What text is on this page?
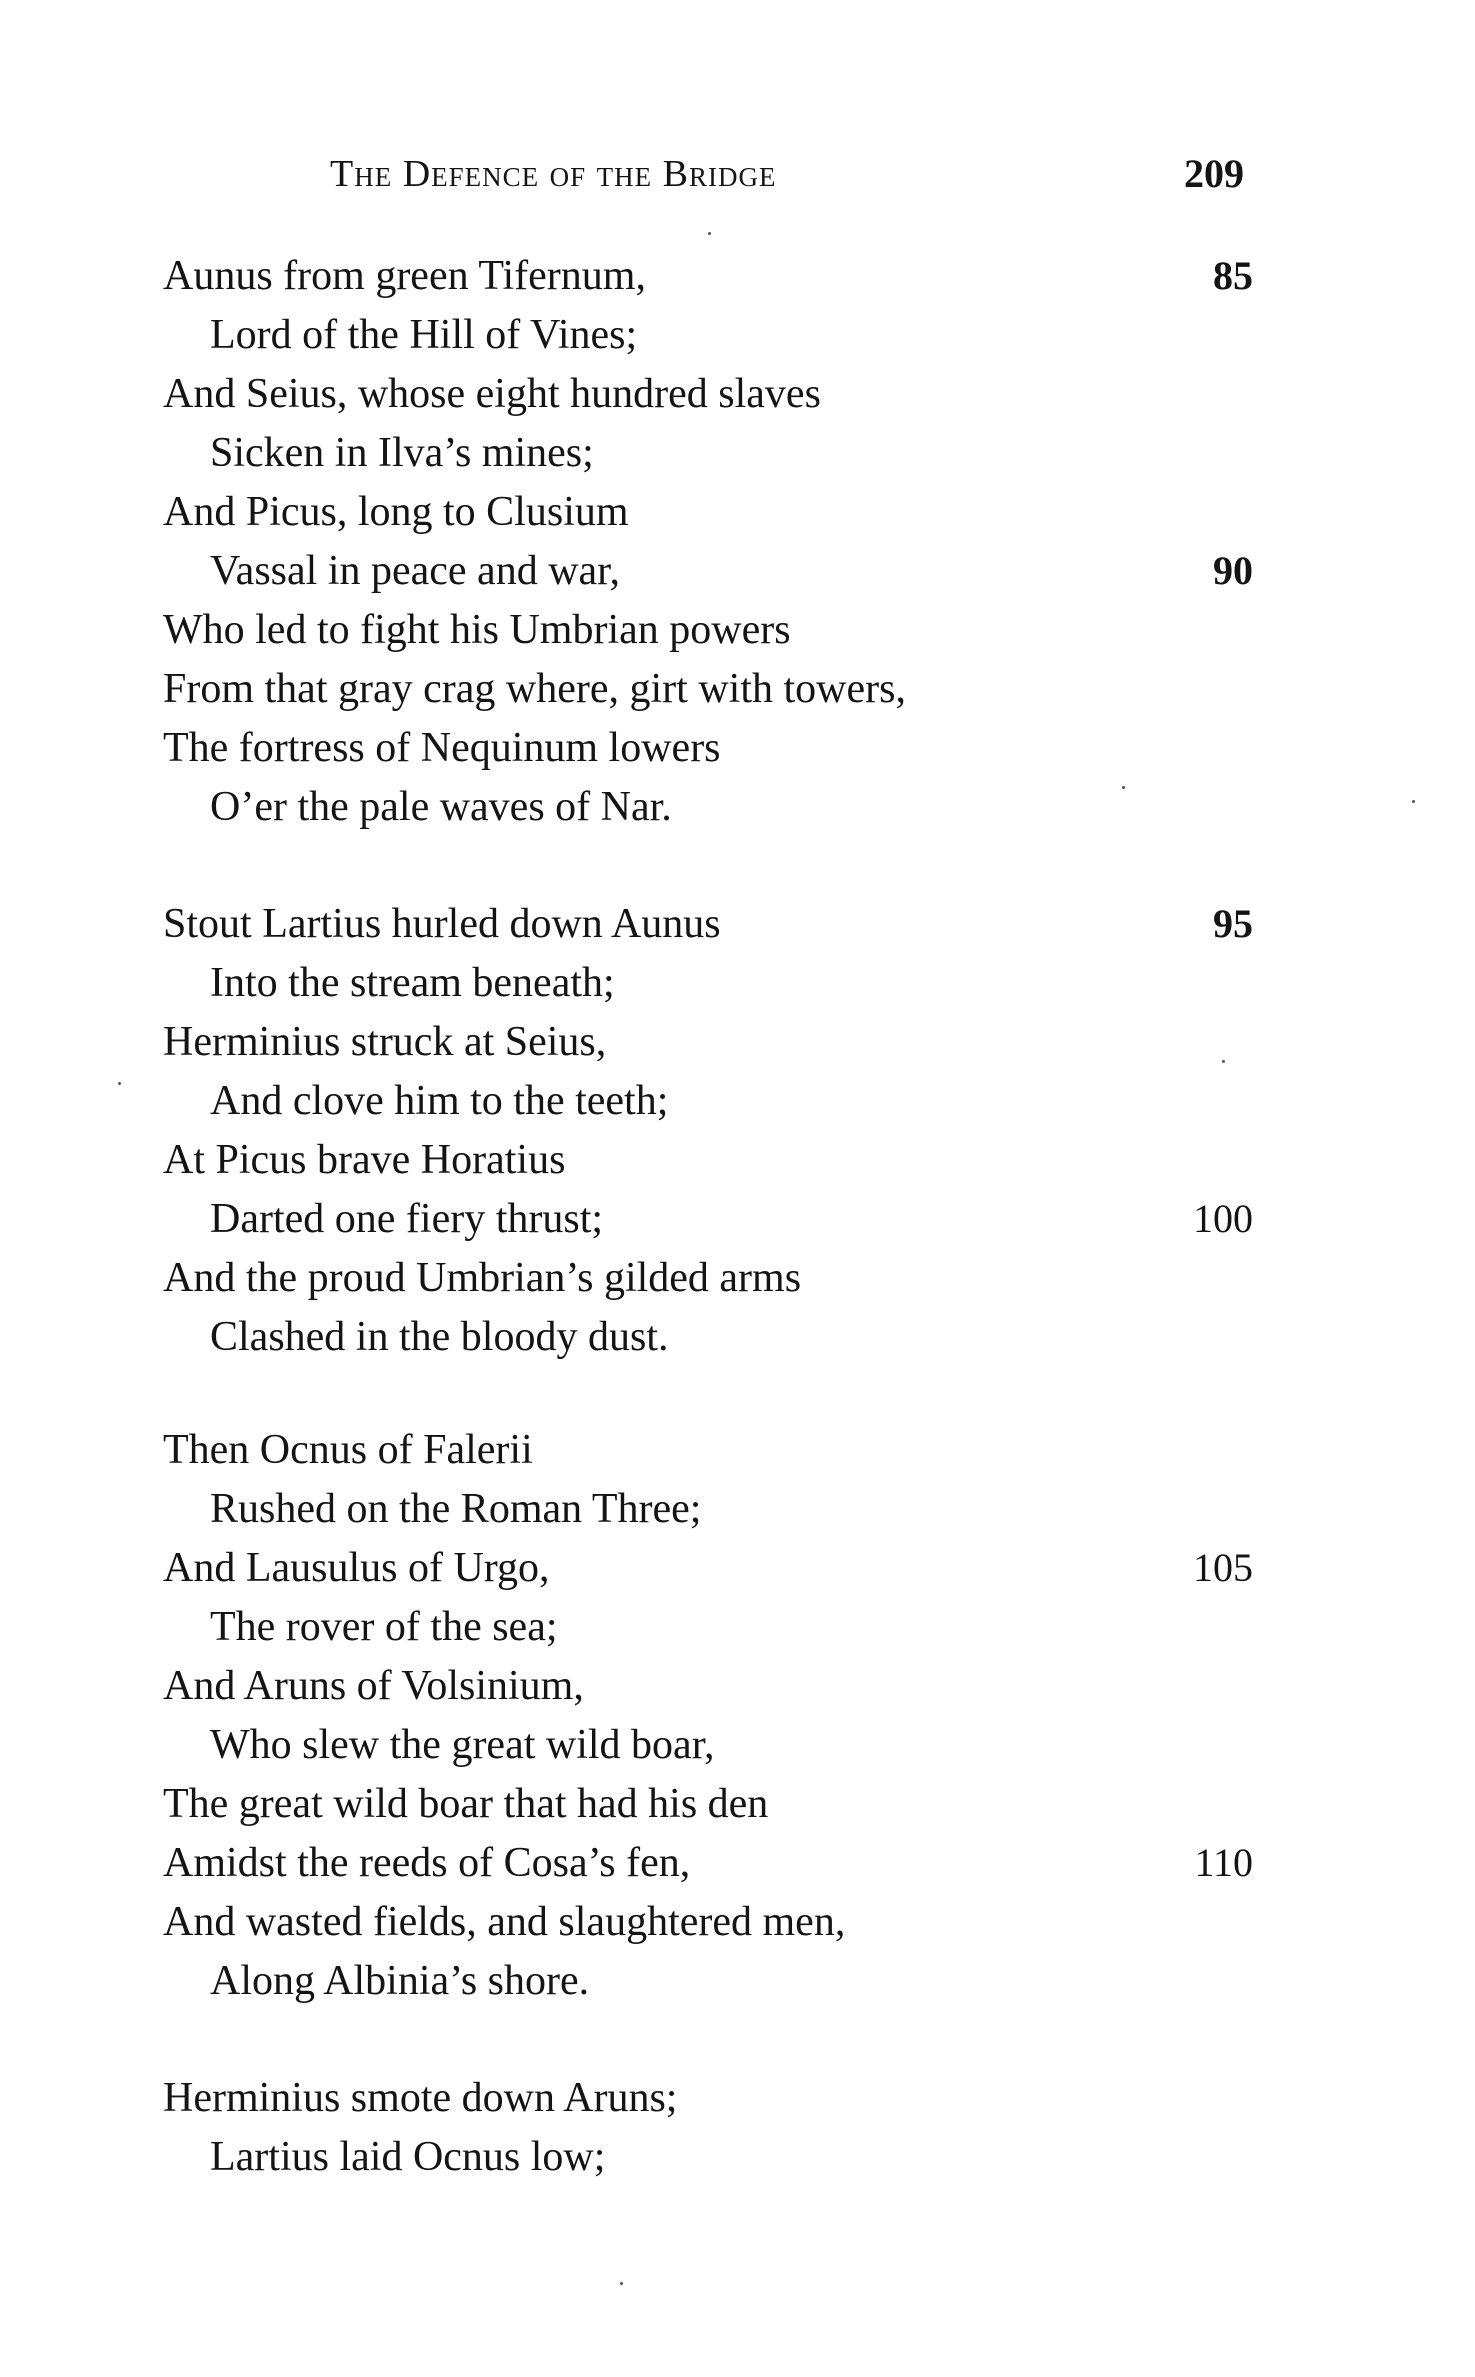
The Defence of the Bridge	209
Aunus from green Tifernum,	85
Lord of the Hill of Vines;
And Seius, whose eight hundred slaves
Sicken in Ilva’s mines;
And Picus, long to Clusium
Vassal in peace and war,	90
Who led to fight his Umbrian powers
From that gray crag where, girt with towers,
The fortress of Nequinum lowers
O’er the pale waves of Nar.
Stout Lartius hurled down Aunus	95
Into the stream beneath;
Herminius struck at Seius,
And clove him to the teeth;
At Picus brave Horatius
Darted one fiery thrust;	100
And the proud Umbrian’s gilded arms
Clashed in the bloody dust.
Then Ocnus of Falerii
Rushed on the Roman Three;
And Lausulus of Urgo,	105
The rover of the sea;
And Aruns of Volsinium,
Who slew the great wild boar,
The great wild boar that had his den
Amidst the reeds of Cosa’s fen,	110
And wasted fields, and slaughtered men,
Along Albinia’s shore.
Herminius smote down Aruns;
Lartius laid Ocnus low;
